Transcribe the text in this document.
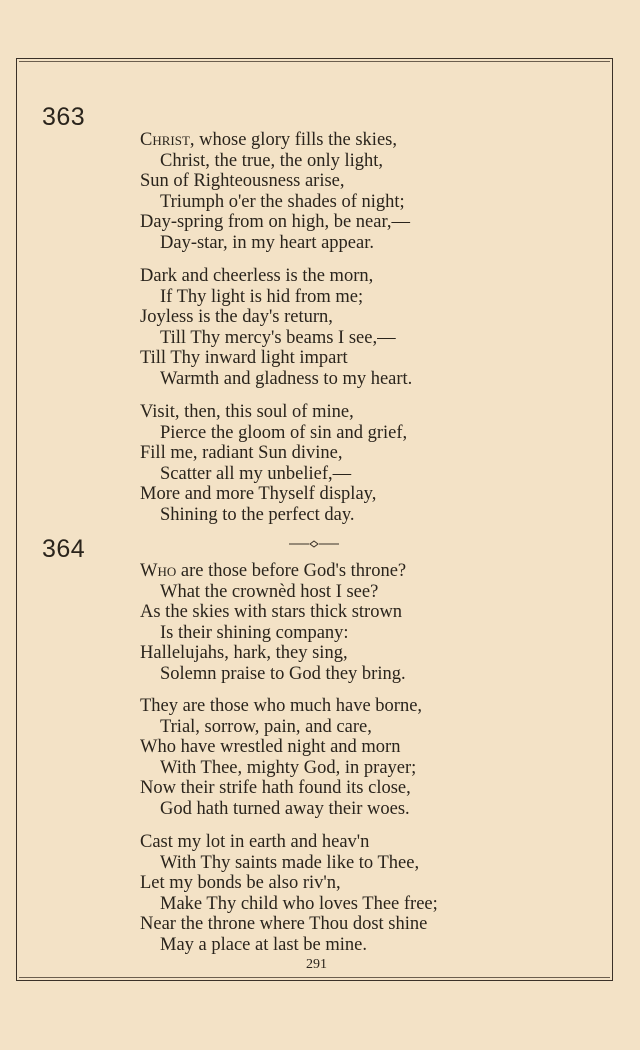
363
Christ, whose glory fills the skies,
Christ, the true, the only light,
Sun of Righteousness arise,
Triumph o'er the shades of night;
Day-spring from on high, be near,—
Day-star, in my heart appear.
Dark and cheerless is the morn,
If Thy light is hid from me;
Joyless is the day's return,
Till Thy mercy's beams I see,—
Till Thy inward light impart
Warmth and gladness to my heart.
Visit, then, this soul of mine,
Pierce the gloom of sin and grief,
Fill me, radiant Sun divine,
Scatter all my unbelief,—
More and more Thyself display,
Shining to the perfect day.
364
Who are those before God's throne?
What the crownèd host I see?
As the skies with stars thick strown
Is their shining company:
Hallelujahs, hark, they sing,
Solemn praise to God they bring.
They are those who much have borne,
Trial, sorrow, pain, and care,
Who have wrestled night and morn
With Thee, mighty God, in prayer;
Now their strife hath found its close,
God hath turned away their woes.
Cast my lot in earth and heav'n
With Thy saints made like to Thee,
Let my bonds be also riv'n,
Make Thy child who loves Thee free;
Near the throne where Thou dost shine
May a place at last be mine.
291
